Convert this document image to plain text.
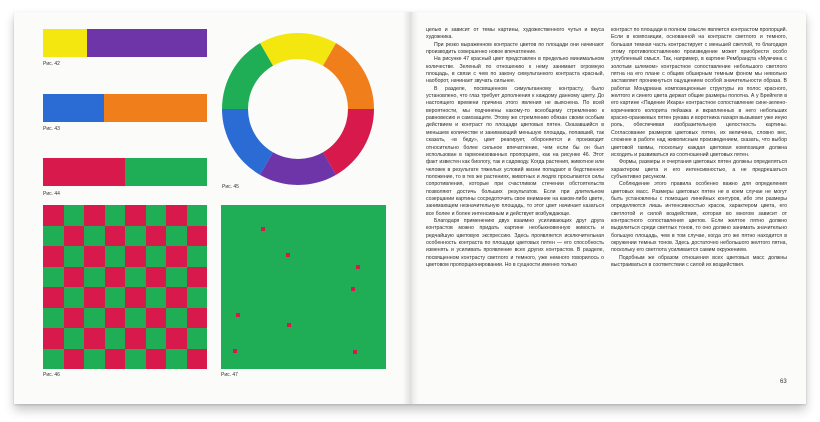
Рис. 42
Рис. 43
Рис. 44
Рис. 45
Рис. 46	Рис. 47

целью и зависит от темы картины, художественного чутья и вкуса художника.

При резко выраженном контрасте цветов по площади они начинают производить совершенно новое впечатление.

На рисунке 47 красный цвет представлен в предельно минимальном количестве. Зеленый по отношению к нему занимает огромную площадь, в связи с чем по закону симультанного контраста красный, наоборот, начинает звучать сильнее.

В разделе, посвященном симультанному контрасту, было установлено, что глаз требует дополнения к каждому данному цвету. До настоящего времени причина этого явления не выяснена. По всей вероятности, мы подчинены какому-то всеобщему стремлению к равновесию и самозащите. Этому же стремлению обязан своим особым действием и контраст по площади цветовых пятен. Оказавшийся в меньшем количестве и занимающий меньшую площадь, попавший, так сказать, «в беду», цвет реагирует, обороняется и производит относительно более сильное впечатление, чем если бы он был использован в гармонизованных пропорциях, как на рисунке 46. Этот факт известен как биологу, так и садоводу. Когда растения, животное или человек в результате тяжелых условий жизни попадают в бедственное положение, то в тех же растениях, животных и людях просыпаются силы сопротивления, которые при счастливом стечении обстоятельств позволяют достичь больших результатов. Если при длительном созерцании картины сосредоточить свое внимание на каком-либо цвете, занимающем незначительную площадь, то этот цвет начинает казаться все более и более интенсивным и действует возбуждающе.

Благодаря применению двух взаимно усиливающих друг друга контрастов можно придать картине необыкновенную живость и редчайшую цветовую экспрессию. Здесь проявляется исключительная особенность контраста по площади цветовых пятен — его способность изменять и усиливать проявление всех других контрастов. В разделе, посвященном контрасту светлого и темного, уже немного говорилось о цветовом пропорционировании. Но в сущности именно только

контраст по площади в полном смысле является контрастом пропорций. Если в композиции, основанной на контрасте светлого и темного, большая темная часть контрастирует с меньшей светлой, то благодаря этому противопоставлению произведение может приобрести особо углубленный смысл. Так, например, в картине Рембрандта «Мужчина с золотым шлемом» контрастное сопоставление небольшого светлого пятна на его плане с общим обширным темным фоном мы невольно заставляет проникнуться ощущением особой значительности образа. В работах Мондриана композиционные структуры из полос красного, желтого и синего цвета держат общие размеры полотна. А у Брейгеля в его картине «Падение Икара» контрастное сопоставление сине-зелено-коричневого колорита пейзажа и вкрапленных в него небольших красно-оранжевых пятен рукава и воротника пахаря вызывает уже иную роль, обеспечивая изобразительную целостность картины. Согласование размеров цветовых пятен, их величина, словно вес, сложнее в работе над живописным произведением, сказать, что выбор цветовой гаммы, поскольку каждая цветовая композиция должна исходить и развиваться из соотношений цветовых пятен.

Формы, размеры и очертания цветовых пятен должны определяться характером цвета и его интенсивностью, а не предрешаться субъективно рисунком.

Соблюдение этого правила особенно важно для определения цветовых масс. Размеры цветовых пятен не в коем случае не могут быть установлены с помощью линейных контуров, ибо эти размеры определяются лишь интенсивностью красок, характером цвета, его светлотой и силой воздействия, которая во многом зависит от контрастного сопоставления цветов. Если желтое пятно должно выделиться среди светлых тонов, то оно должно занимать значительно большую площадь, чем в том случае, когда это же пятно находится в окружении темных тонов. Здесь достаточно небольшого желтого пятна, поскольку его светлота усиливается самим окружением.

Подобным же образом отношения всех цветовых масс должны выстраиваться в соответствии с силой их воздействия.

63
